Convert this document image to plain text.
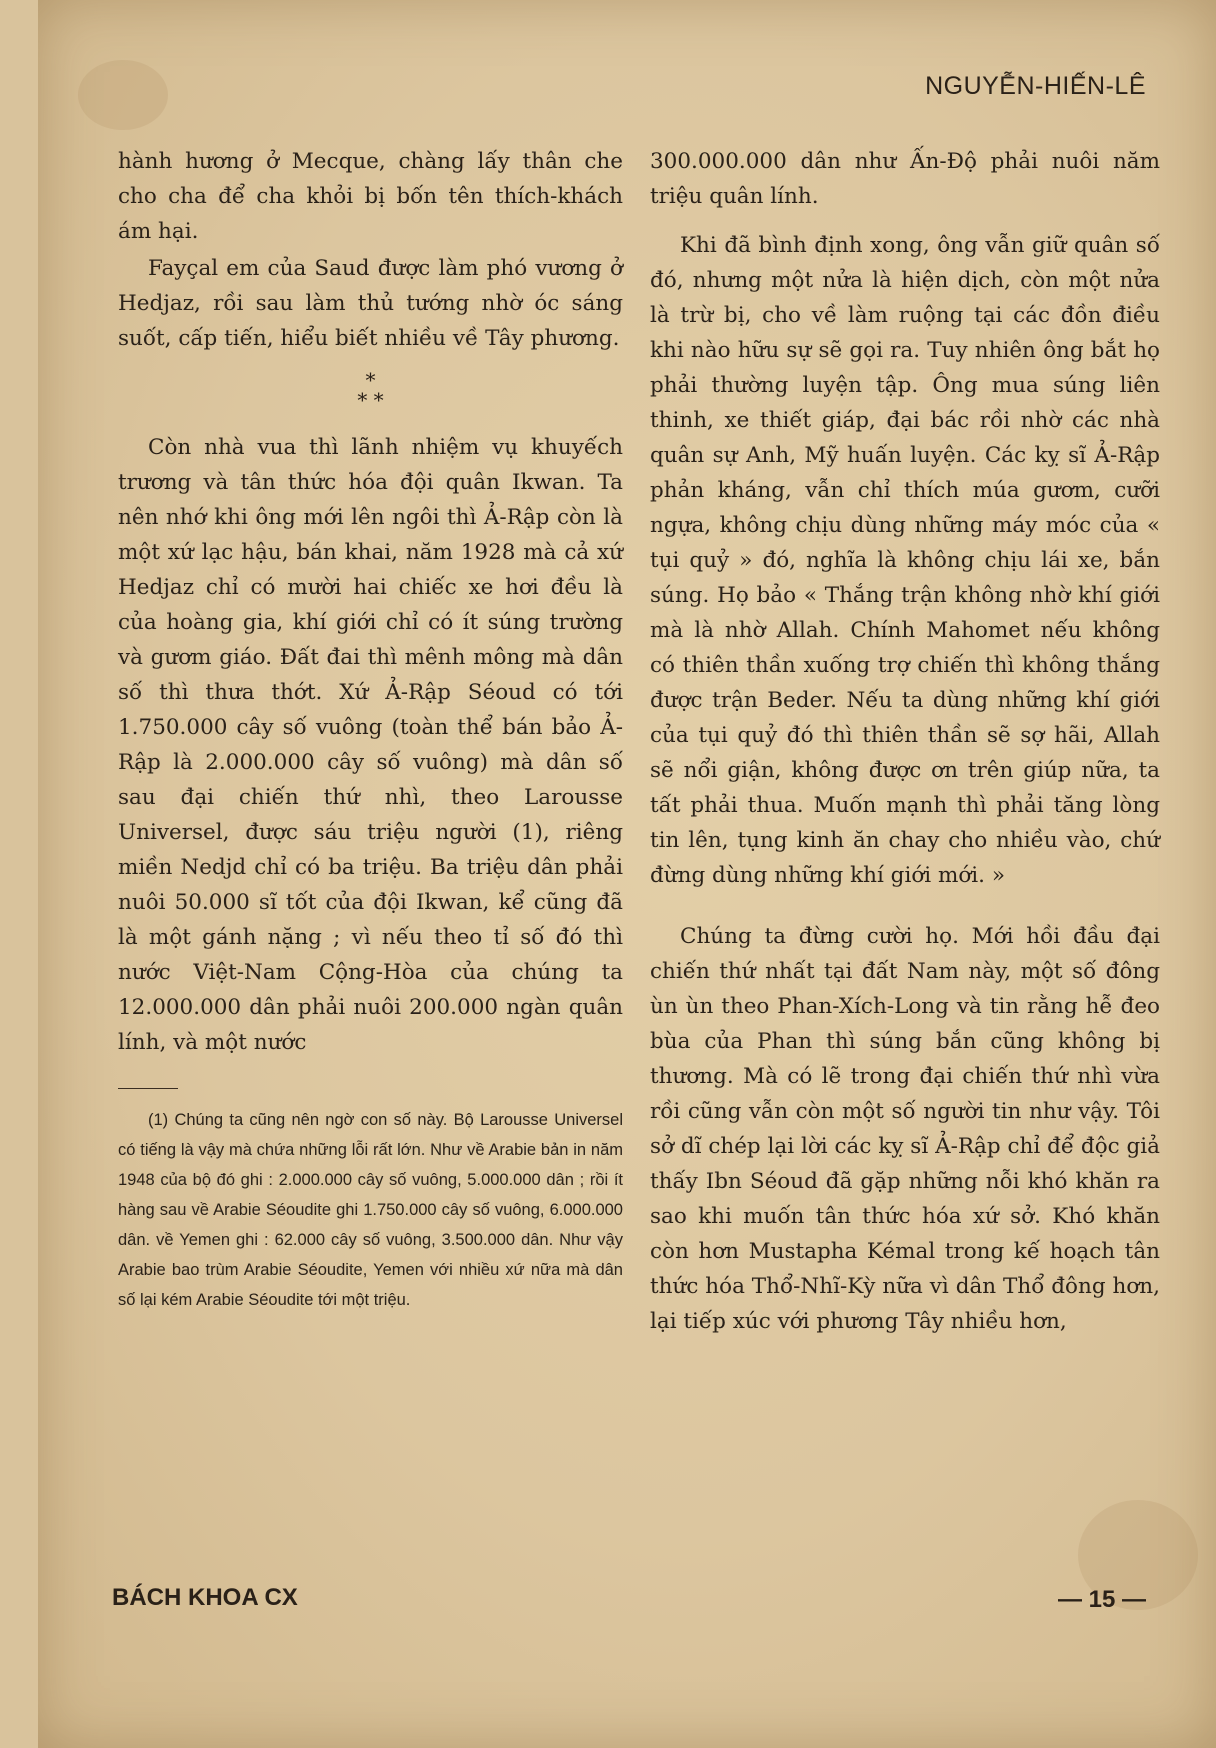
NGUYỄN-HIẾN-LÊ

hành hương ở Mecque, chàng lấy thân che cho cha để cha khỏi bị bốn tên thích-khách ám hại.

Fayçal em của Saud được làm phó vương ở Hedjaz, rồi sau làm thủ tướng nhờ óc sáng suốt, cấp tiến, hiểu biết nhiều về Tây phương.

*
* *

Còn nhà vua thì lãnh nhiệm vụ khuyếch trương và tân thức hóa đội quân Ikwan. Ta nên nhớ khi ông mới lên ngôi thì Ả-Rập còn là một xứ lạc hậu, bán khai, năm 1928 mà cả xứ Hedjaz chỉ có mười hai chiếc xe hơi đều là của hoàng gia, khí giới chỉ có ít súng trường và gươm giáo. Đất đai thì mênh mông mà dân số thì thưa thớt. Xứ Ả-Rập Séoud có tới 1.750.000 cây số vuông (toàn thể bán bảo Ả-Rập là 2.000.000 cây số vuông) mà dân số sau đại chiến thứ nhì, theo Larousse Universel, được sáu triệu người (1), riêng miền Nedjd chỉ có ba triệu. Ba triệu dân phải nuôi 50.000 sĩ tốt của đội Ikwan, kể cũng đã là một gánh nặng ; vì nếu theo tỉ số đó thì nước Việt-Nam Cộng-Hòa của chúng ta 12.000.000 dân phải nuôi 200.000 ngàn quân lính, và một nước

(1) Chúng ta cũng nên ngờ con số này. Bộ Larousse Universel có tiếng là vậy mà chứa những lỗi rất lớn. Như về Arabie bản in năm 1948 của bộ đó ghi : 2.000.000 cây số vuông, 5.000.000 dân ; rồi ít hàng sau về Arabie Séoudite ghi 1.750.000 cây số vuông, 6.000.000 dân. về Yemen ghi : 62.000 cây số vuông, 3.500.000 dân. Như vậy Arabie bao trùm Arabie Séoudite, Yemen với nhiều xứ nữa mà dân số lại kém Arabie Séoudite tới một triệu.

300.000.000 dân như Ấn-Độ phải nuôi năm triệu quân lính.

Khi đã bình định xong, ông vẫn giữ quân số đó, nhưng một nửa là hiện dịch, còn một nửa là trừ bị, cho về làm ruộng tại các đồn điều khi nào hữu sự sẽ gọi ra. Tuy nhiên ông bắt họ phải thường luyện tập. Ông mua súng liên thinh, xe thiết giáp, đại bác rồi nhờ các nhà quân sự Anh, Mỹ huấn luyện. Các kỵ sĩ Ả-Rập phản kháng, vẫn chỉ thích múa gươm, cưỡi ngựa, không chịu dùng những máy móc của « tụi quỷ » đó, nghĩa là không chịu lái xe, bắn súng. Họ bảo « Thắng trận không nhờ khí giới mà là nhờ Allah. Chính Mahomet nếu không có thiên thần xuống trợ chiến thì không thắng được trận Beder. Nếu ta dùng những khí giới của tụi quỷ đó thì thiên thần sẽ sợ hãi, Allah sẽ nổi giận, không được ơn trên giúp nữa, ta tất phải thua. Muốn mạnh thì phải tăng lòng tin lên, tụng kinh ăn chay cho nhiều vào, chứ đừng dùng những khí giới mới. »

Chúng ta đừng cười họ. Mới hồi đầu đại chiến thứ nhất tại đất Nam này, một số đông ùn ùn theo Phan-Xích-Long và tin rằng hễ đeo bùa của Phan thì súng bắn cũng không bị thương. Mà có lẽ trong đại chiến thứ nhì vừa rồi cũng vẫn còn một số người tin như vậy. Tôi sở dĩ chép lại lời các kỵ sĩ Ả-Rập chỉ để độc giả thấy Ibn Séoud đã gặp những nỗi khó khăn ra sao khi muốn tân thức hóa xứ sở. Khó khăn còn hơn Mustapha Kémal trong kế hoạch tân thức hóa Thổ-Nhĩ-Kỳ nữa vì dân Thổ đông hơn, lại tiếp xúc với phương Tây nhiều hơn,

BÁCH KHOA CX	— 15 —
